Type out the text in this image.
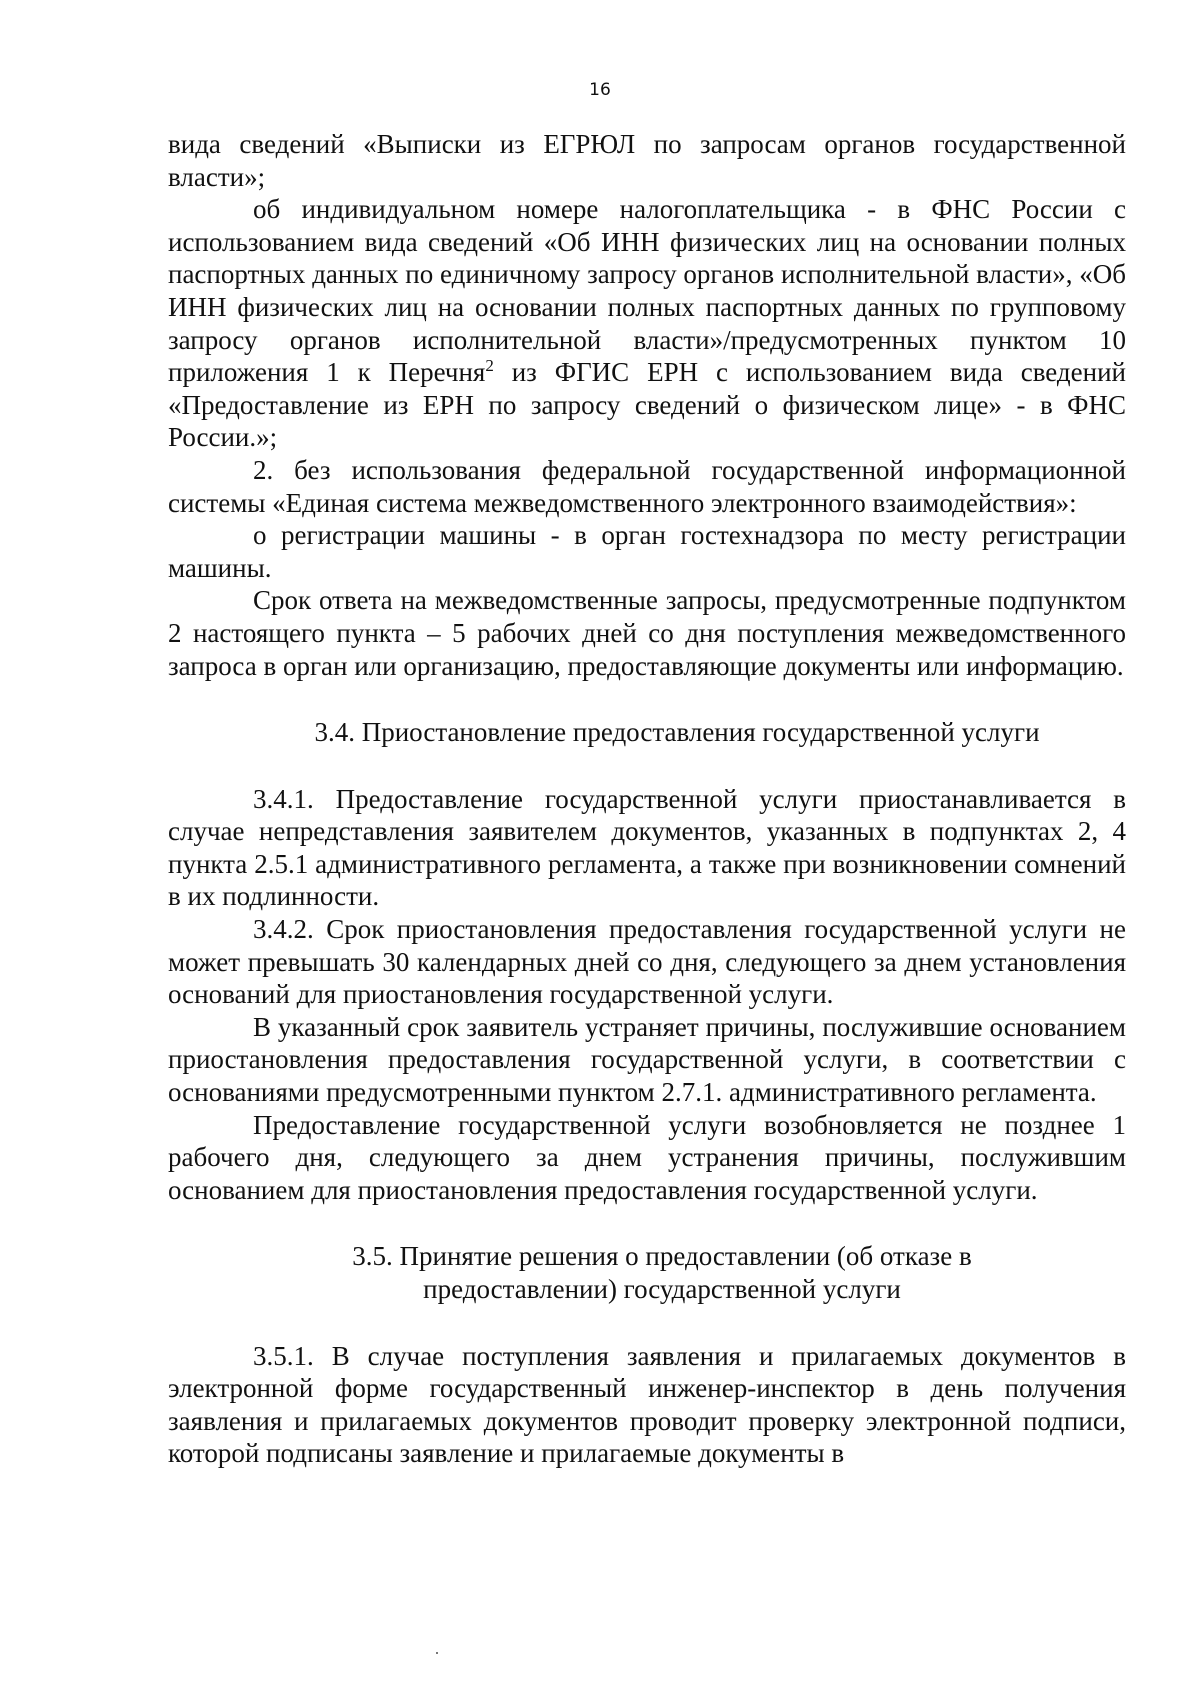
16

вида сведений «Выписки из ЕГРЮЛ по запросам органов государственной власти»;

об индивидуальном номере налогоплательщика - в ФНС России с использованием вида сведений «Об ИНН физических лиц на основании полных паспортных данных по единичному запросу органов исполнительной власти», «Об ИНН физических лиц на основании полных паспортных данных по групповому запросу органов исполнительной власти»/предусмотренных пунктом 10 приложения 1 к Перечня$^2$ из ФГИС ЕРН с использованием вида сведений «Предоставление из ЕРН по запросу сведений о физическом лице» - в ФНС России.»;

2. без использования федеральной государственной информационной системы «Единая система межведомственного электронного взаимодействия»:

о регистрации машины - в орган гостехнадзора по месту регистрации машины.

Срок ответа на межведомственные запросы, предусмотренные подпунктом 2 настоящего пункта – 5 рабочих дней со дня поступления межведомственного запроса в орган или организацию, предоставляющие документы или информацию.

3.4. Приостановление предоставления государственной услуги

3.4.1. Предоставление государственной услуги приостанавливается в случае непредставления заявителем документов, указанных в подпунктах 2, 4 пункта 2.5.1 административного регламента, а также при возникновении сомнений в их подлинности.

3.4.2. Срок приостановления предоставления государственной услуги не может превышать 30 календарных дней со дня, следующего за днем установления оснований для приостановления государственной услуги.

В указанный срок заявитель устраняет причины, послужившие основанием приостановления предоставления государственной услуги, в соответствии с основаниями предусмотренными пунктом 2.7.1. административного регламента.

Предоставление государственной услуги возобновляется не позднее 1 рабочего дня, следующего за днем устранения причины, послужившим основанием для приостановления предоставления государственной услуги.

3.5. Принятие решения о предоставлении (об отказе в предоставлении) государственной услуги

3.5.1. В случае поступления заявления и прилагаемых документов в электронной форме государственный инженер-инспектор в день получения заявления и прилагаемых документов проводит проверку электронной подписи, которой подписаны заявление и прилагаемые документы в
